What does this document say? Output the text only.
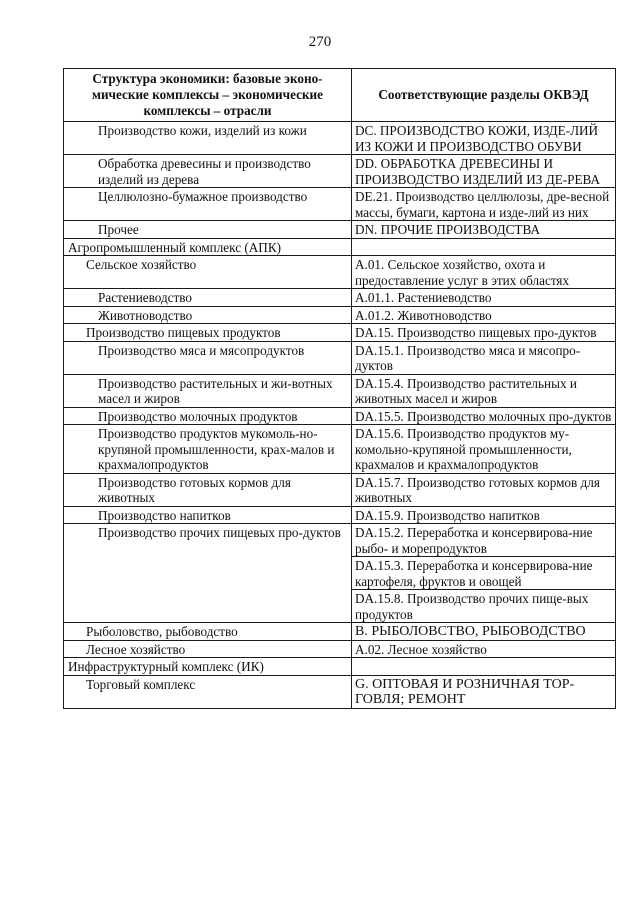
270
Структура экономики: базовые эконо-мические комплексы – экономические комплексы – отрасли	Соответствующие разделы ОКВЭД
Производство кожи, изделий из кожи	DC. ПРОИЗВОДСТВО КОЖИ, ИЗДЕ-ЛИЙ ИЗ КОЖИ И ПРОИЗВОДСТВО ОБУВИ
Обработка древесины и производство изделий из дерева	DD. ОБРАБОТКА ДРЕВЕСИНЫ И ПРОИЗВОДСТВО ИЗДЕЛИЙ ИЗ ДЕ-РЕВА
Целлюлозно-бумажное производство	DE.21. Производство целлюлозы, дре-весной массы, бумаги, картона и изде-лий из них
Прочее	DN. ПРОЧИЕ ПРОИЗВОДСТВА
Агропромышленный комплекс (АПК)	
Сельское хозяйство	А.01. Сельское хозяйство, охота и предоставление услуг в этих областях
Растениеводство	А.01.1. Растениеводство
Животноводство	А.01.2. Животноводство
Производство пищевых продуктов	DA.15. Производство пищевых про-дуктов
Производство мяса и мясопродуктов	DA.15.1. Производство мяса и мясопро-дуктов
Производство растительных и жи-вотных масел и жиров	DA.15.4. Производство растительных и животных масел и жиров
Производство молочных продуктов	DA.15.5. Производство молочных про-дуктов
Производство продуктов мукомоль-но-крупяной промышленности, крах-малов и крахмалопродуктов	DA.15.6. Производство продуктов му-комольно-крупяной промышленности, крахмалов и крахмалопродуктов
Производство готовых кормов для животных	DA.15.7. Производство готовых кормов для животных
Производство напитков	DA.15.9. Производство напитков
Производство прочих пищевых про-дуктов	DA.15.2. Переработка и консервирова-ние рыбо- и морепродуктов
	DA.15.3. Переработка и консервирова-ние картофеля, фруктов и овощей
	DA.15.8. Производство прочих пище-вых продуктов
Рыболовство, рыбоводство	В. РЫБОЛОВСТВО, РЫБОВОДСТВО
Лесное хозяйство	А.02. Лесное хозяйство
Инфраструктурный комплекс (ИК)	
Торговый комплекс	G. ОПТОВАЯ И РОЗНИЧНАЯ ТОР-ГОВЛЯ; РЕМОНТ
